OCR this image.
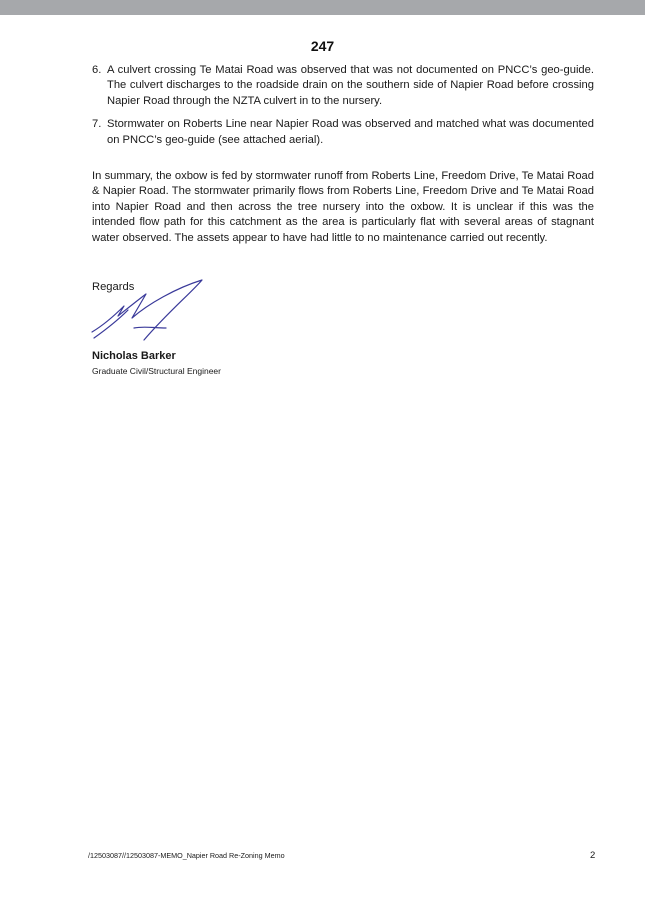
247
6. A culvert crossing Te Matai Road was observed that was not documented on PNCC’s geo-guide. The culvert discharges to the roadside drain on the southern side of Napier Road before crossing Napier Road through the NZTA culvert in to the nursery.
7. Stormwater on Roberts Line near Napier Road was observed and matched what was documented on PNCC’s geo-guide (see attached aerial).

In summary, the oxbow is fed by stormwater runoff from Roberts Line, Freedom Drive, Te Matai Road & Napier Road. The stormwater primarily flows from Roberts Line, Freedom Drive and Te Matai Road into Napier Road and then across the tree nursery into the oxbow. It is unclear if this was the intended flow path for this catchment as the area is particularly flat with several areas of stagnant water observed. The assets appear to have had little to no maintenance carried out recently.

Regards
Nicholas Barker
Graduate Civil/Structural Engineer
/12503087//12503087-MEMO_Napier Road Re-Zoning Memo	2
